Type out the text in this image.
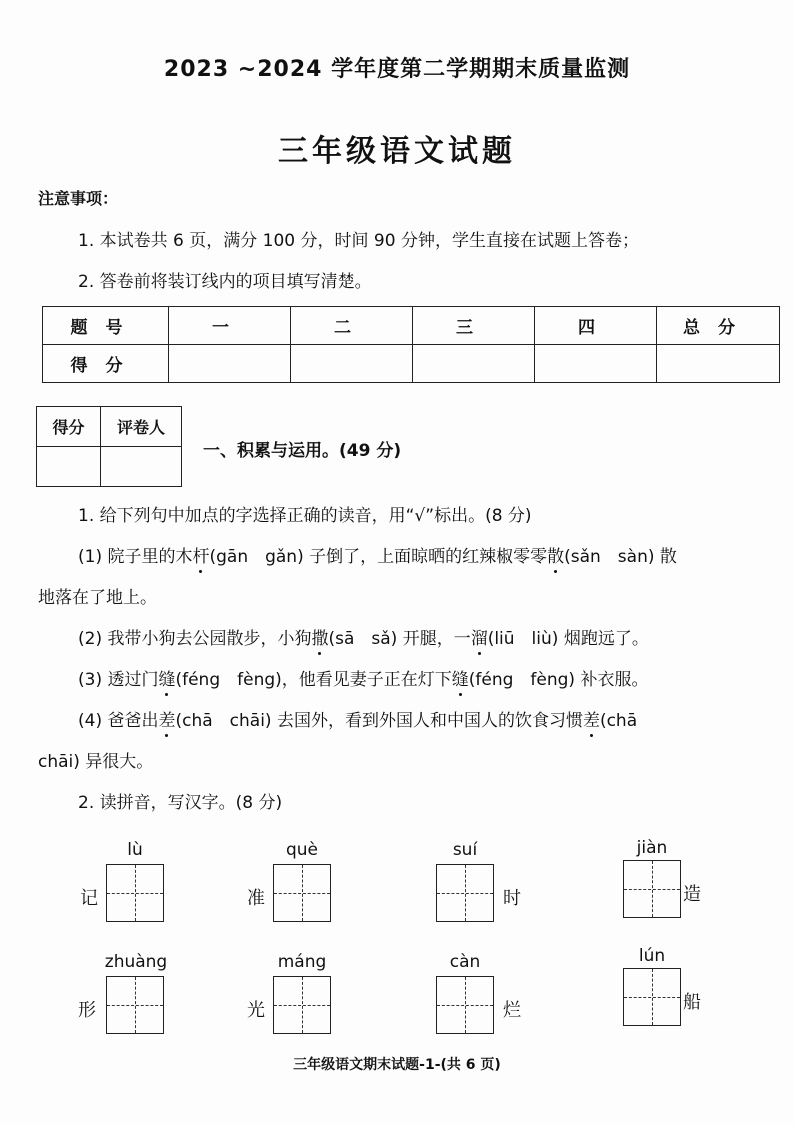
2023 ~2024 学年度第二学期期末质量监测
三年级语文试题
注意事项：
1. 本试卷共 6 页，满分 100 分，时间 90 分钟，学生直接在试题上答卷；
2. 答卷前将装订线内的项目填写清楚。
题号	一	二	三	四	总分
得分					
得分	评卷人

一、积累与运用。(49 分)
1. 给下列句中加点的字选择正确的读音，用“√”标出。(8 分)
(1) 院子里的木杆(gān　gǎn) 子倒了，上面晾晒的红辣椒零零散(sǎn　sàn) 散
地落在了地上。
(2) 我带小狗去公园散步，小狗撒(sā　sǎ) 开腿，一溜(liū　liù) 烟跑远了。
(3) 透过门缝(féng　fèng)，他看见妻子正在灯下缝(féng　fèng) 补衣服。
(4) 爸爸出差(chā　chāi) 去国外，看到外国人和中国人的饮食习惯差(chā
chāi) 异很大。
2. 读拼音，写汉字。(8 分)
lù
记
què
准
suí
时
jiàn
造
zhuàng
形
máng
光
càn
烂
lún
船
三年级语文期末试题-1-(共 6 页)
